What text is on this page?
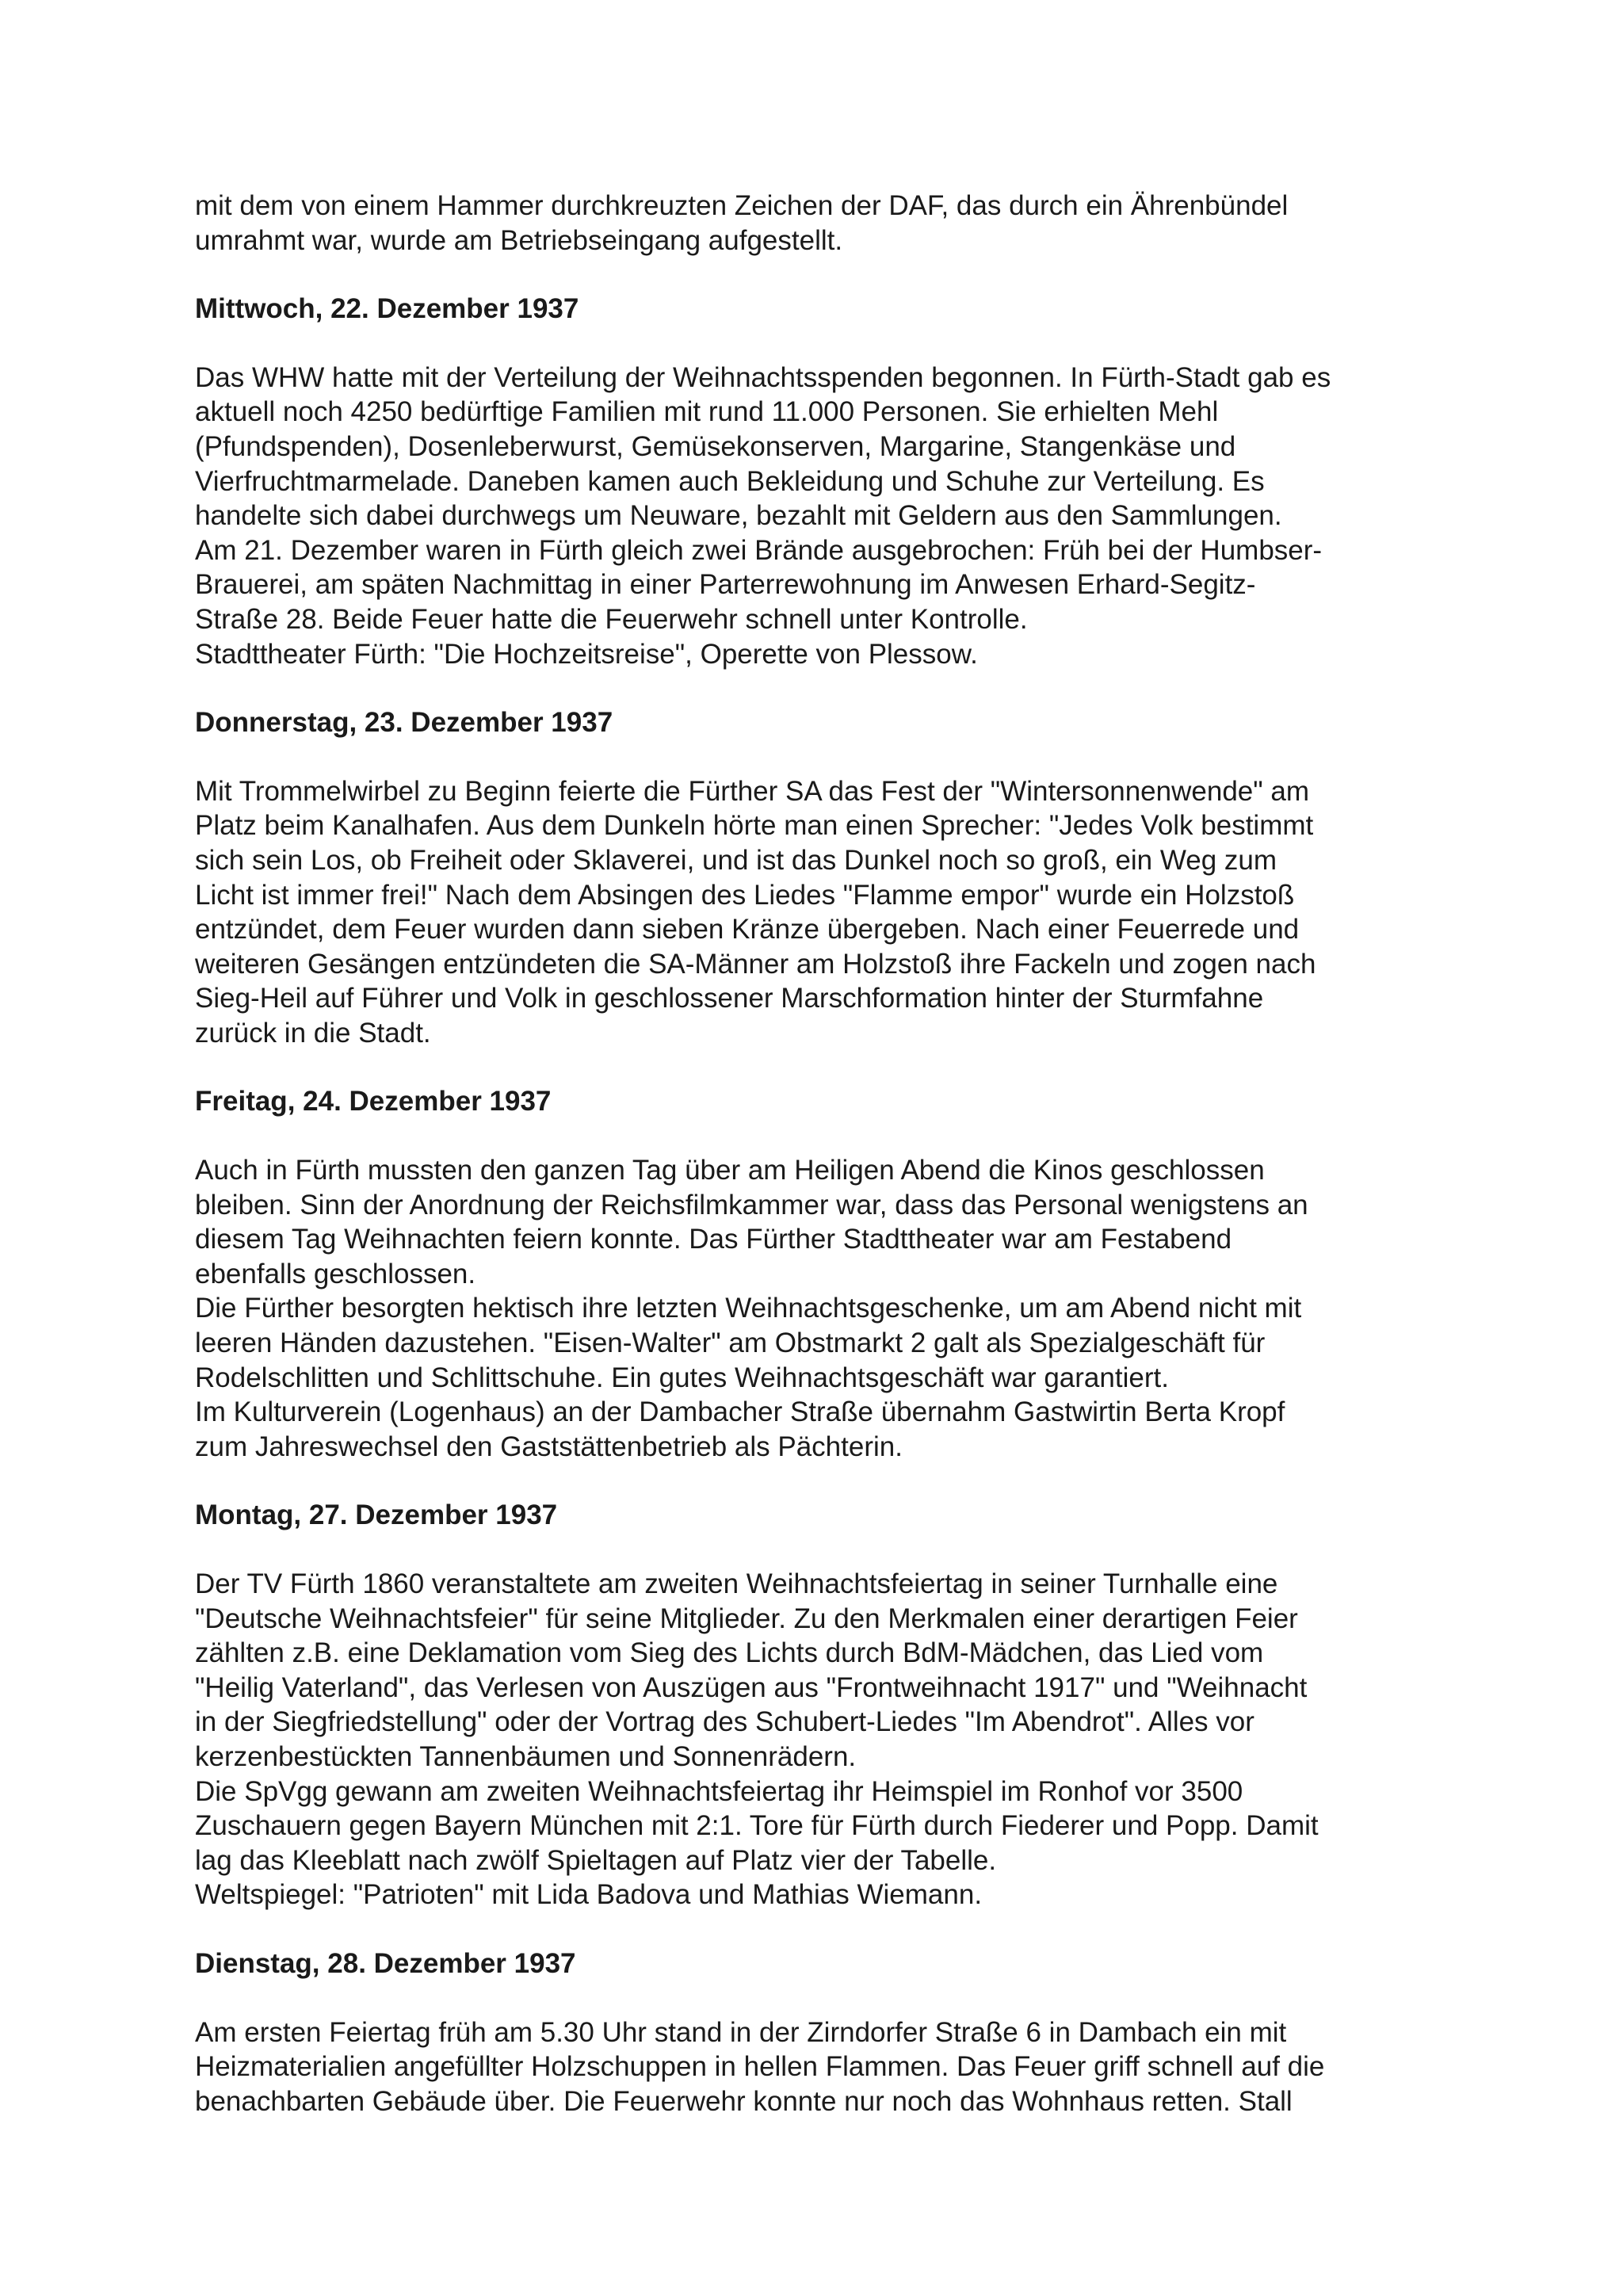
mit dem von einem Hammer durchkreuzten Zeichen der DAF, das durch ein Ährenbündel
umrahmt war, wurde am Betriebseingang aufgestellt.

Mittwoch, 22. Dezember 1937

Das WHW hatte mit der Verteilung der Weihnachtsspenden begonnen. In Fürth-Stadt gab es
aktuell noch 4250 bedürftige Familien mit rund 11.000 Personen. Sie erhielten Mehl
(Pfundspenden), Dosenleberwurst, Gemüsekonserven, Margarine, Stangenkäse und
Vierfruchtmarmelade. Daneben kamen auch Bekleidung und Schuhe zur Verteilung. Es
handelte sich dabei durchwegs um Neuware, bezahlt mit Geldern aus den Sammlungen.
Am 21. Dezember waren in Fürth gleich zwei Brände ausgebrochen: Früh bei der Humbser-
Brauerei, am späten Nachmittag in einer Parterrewohnung im Anwesen Erhard-Segitz-
Straße 28. Beide Feuer hatte die Feuerwehr schnell unter Kontrolle.
Stadttheater Fürth: "Die Hochzeitsreise", Operette von Plessow.

Donnerstag, 23. Dezember 1937

Mit Trommelwirbel zu Beginn feierte die Fürther SA das Fest der "Wintersonnenwende" am
Platz beim Kanalhafen. Aus dem Dunkeln hörte man einen Sprecher: "Jedes Volk bestimmt
sich sein Los, ob Freiheit oder Sklaverei, und ist das Dunkel noch so groß, ein Weg zum
Licht ist immer frei!" Nach dem Absingen des Liedes "Flamme empor" wurde ein Holzstoß
entzündet, dem Feuer wurden dann sieben Kränze übergeben. Nach einer Feuerrede und
weiteren Gesängen entzündeten die SA-Männer am Holzstoß ihre Fackeln und zogen nach
Sieg-Heil auf Führer und Volk in geschlossener Marschformation hinter der Sturmfahne
zurück in die Stadt.

Freitag, 24. Dezember 1937

Auch in Fürth mussten den ganzen Tag über am Heiligen Abend die Kinos geschlossen
bleiben. Sinn der Anordnung der Reichsfilmkammer war, dass das Personal wenigstens an
diesem Tag Weihnachten feiern konnte. Das Fürther Stadttheater war am Festabend
ebenfalls geschlossen.
Die Fürther besorgten hektisch ihre letzten Weihnachtsgeschenke, um am Abend nicht mit
leeren Händen dazustehen. "Eisen-Walter" am Obstmarkt 2 galt als Spezialgeschäft für
Rodelschlitten und Schlittschuhe. Ein gutes Weihnachtsgeschäft war garantiert.
Im Kulturverein (Logenhaus) an der Dambacher Straße übernahm Gastwirtin Berta Kropf
zum Jahreswechsel den Gaststättenbetrieb als Pächterin.

Montag, 27. Dezember 1937

Der TV Fürth 1860 veranstaltete am zweiten Weihnachtsfeiertag in seiner Turnhalle eine
"Deutsche Weihnachtsfeier" für seine Mitglieder. Zu den Merkmalen einer derartigen Feier
zählten z.B. eine Deklamation vom Sieg des Lichts durch BdM-Mädchen, das Lied vom
"Heilig Vaterland", das Verlesen von Auszügen aus "Frontweihnacht 1917" und "Weihnacht
in der Siegfriedstellung" oder der Vortrag des Schubert-Liedes "Im Abendrot". Alles vor
kerzenbestückten Tannenbäumen und Sonnenrädern.
Die SpVgg gewann am zweiten Weihnachtsfeiertag ihr Heimspiel im Ronhof vor 3500
Zuschauern gegen Bayern München mit 2:1. Tore für Fürth durch Fiederer und Popp. Damit
lag das Kleeblatt nach zwölf Spieltagen auf Platz vier der Tabelle.
Weltspiegel: "Patrioten" mit Lida Badova und Mathias Wiemann.

Dienstag, 28. Dezember 1937

Am ersten Feiertag früh am 5.30 Uhr stand in der Zirndorfer Straße 6 in Dambach ein mit
Heizmaterialien angefüllter Holzschuppen in hellen Flammen. Das Feuer griff schnell auf die
benachbarten Gebäude über. Die Feuerwehr konnte nur noch das Wohnhaus retten. Stall
